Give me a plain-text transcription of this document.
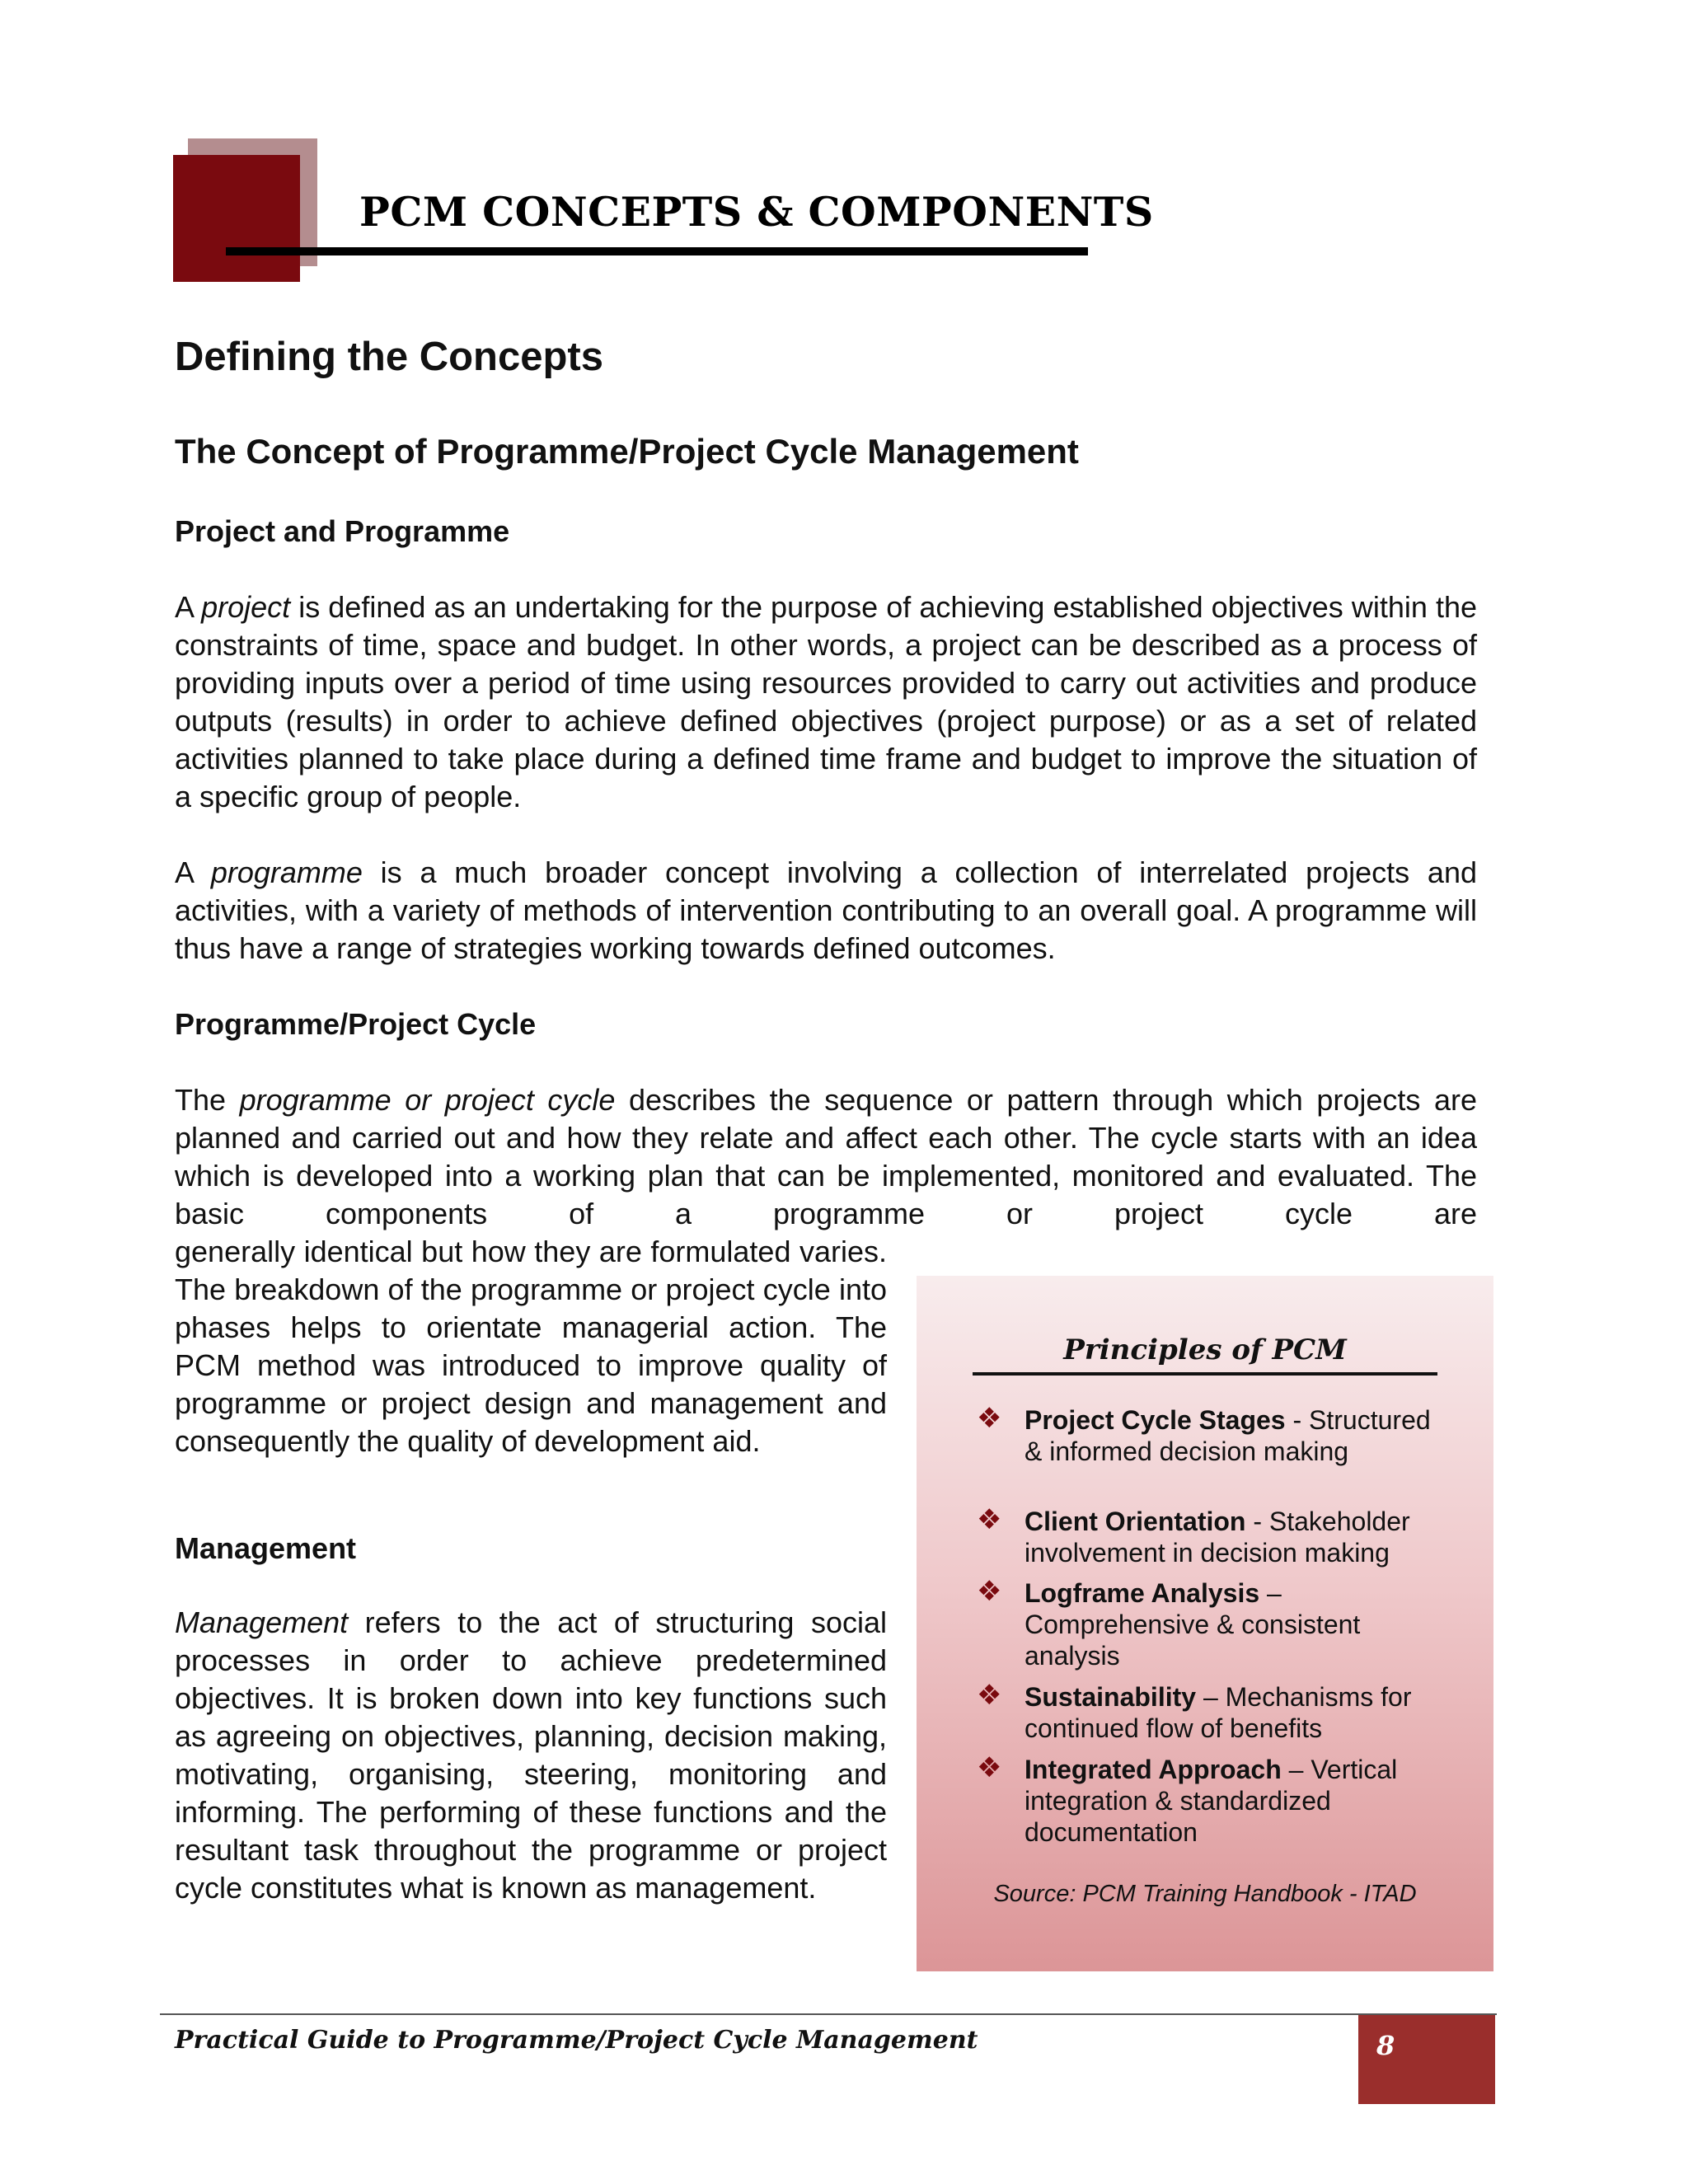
PCM CONCEPTS & COMPONENTS
Defining the Concepts
The Concept of Programme/Project Cycle Management
Project and Programme

A project is defined as an undertaking for the purpose of achieving established objectives within the constraints of time, space and budget. In other words, a project can be described as a process of providing inputs over a period of time using resources provided to carry out activities and produce outputs (results) in order to achieve defined objectives (project purpose) or as a set of related activities planned to take place during a defined time frame and budget to improve the situation of a specific group of people.

A programme is a much broader concept involving a collection of interrelated projects and activities, with a variety of methods of intervention contributing to an overall goal. A programme will thus have a range of strategies working towards defined outcomes.

Programme/Project Cycle

The programme or project cycle describes the sequence or pattern through which projects are planned and carried out and how they relate and affect each other. The cycle starts with an idea which is developed into a working plan that can be implemented, monitored and evaluated. The basic components of a programme or project cycle are

generally identical but how they are formulated varies. The breakdown of the programme or project cycle into phases helps to orientate managerial action. The PCM method was introduced to improve quality of programme or project design and management and consequently the quality of development aid.

Management

Management refers to the act of structuring social processes in order to achieve predetermined objectives. It is broken down into key functions such as agreeing on objectives, planning, decision making, motivating, organising, steering, monitoring and informing. The performing of these functions and the resultant task throughout the programme or project cycle constitutes what is known as management.

Principles of PCM

❖ Project Cycle Stages - Structured & informed decision making
❖ Client Orientation - Stakeholder involvement in decision making
❖ Logframe Analysis – Comprehensive & consistent analysis
❖ Sustainability – Mechanisms for continued flow of benefits
❖ Integrated Approach – Vertical integration & standardized documentation

Source: PCM Training Handbook - ITAD

Practical Guide to Programme/Project Cycle Management	8
